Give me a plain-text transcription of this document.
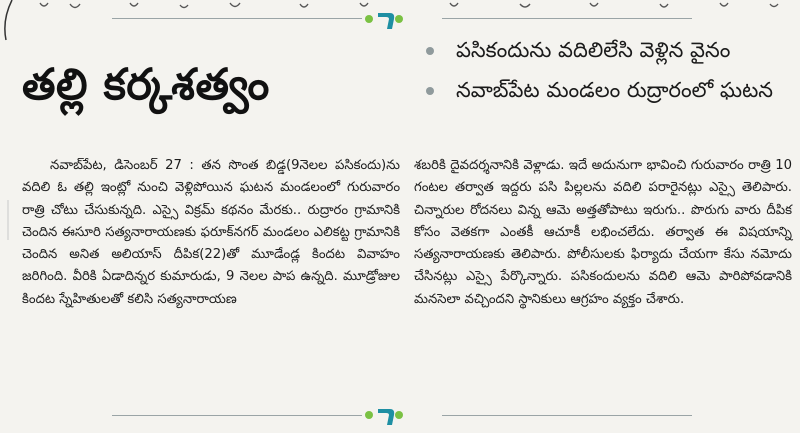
తల్లి కర్కశత్వం
పసికందును వదిలిలేసి వెళ్లిన వైనం
నవాబ్‌పేట మండలం రుద్రారంలో ఘటన

నవాబ్‌పేట, డిసెంబర్ 27 : తన సొంత బిడ్డ(9నెలల పసికందు)ను వదిలి ఓ తల్లి ఇంట్లో నుంచి వెళ్లిపోయిన ఘటన మండలంలో గురువారం రాత్రి చోటు చేసుకున్నది. ఎస్సై విక్రమ్ కథనం మేరకు.. రుద్రారం గ్రామానికి చెందిన ఈసూరి సత్యనారాయణకు ఫరూక్‌నగర్ మండలం ఎలికట్ట గ్రామానికి చెందిన అనిత అలియాస్ దీపిక(22)తో మూడేండ్ల కిందట వివాహం జరిగింది. వీరికి ఏడాదిన్నర కుమారుడు, 9 నెలల పాప ఉన్నది. మూడ్రోజుల కిందట స్నేహితులతో కలిసి సత్యనారాయణ

శబరికి దైవదర్శనానికి వెళ్లాడు. ఇదే అదునుగా భావించి గురువారం రాత్రి 10 గంటల తర్వాత ఇద్దరు పసి పిల్లలను వదిలి పరారైనట్లు ఎస్సై తెలిపారు. చిన్నారుల రోదనలు విన్న ఆమె అత్తతోపాటు ఇరుగు.. పొరుగు వారు దీపిక కోసం వెతకగా ఎంతకీ ఆచూకీ లభించలేదు. తర్వాత ఈ విషయాన్ని సత్యనారాయణకు తెలిపారు. పోలీసులకు ఫిర్యాదు చేయగా కేసు నమోదు చేసినట్లు ఎస్సై పేర్కొన్నారు. పసికందులను వదిలి ఆమె పారిపోవడానికి మనసెలా వచ్చిందని స్థానికులు ఆగ్రహం వ్యక్తం చేశారు.
